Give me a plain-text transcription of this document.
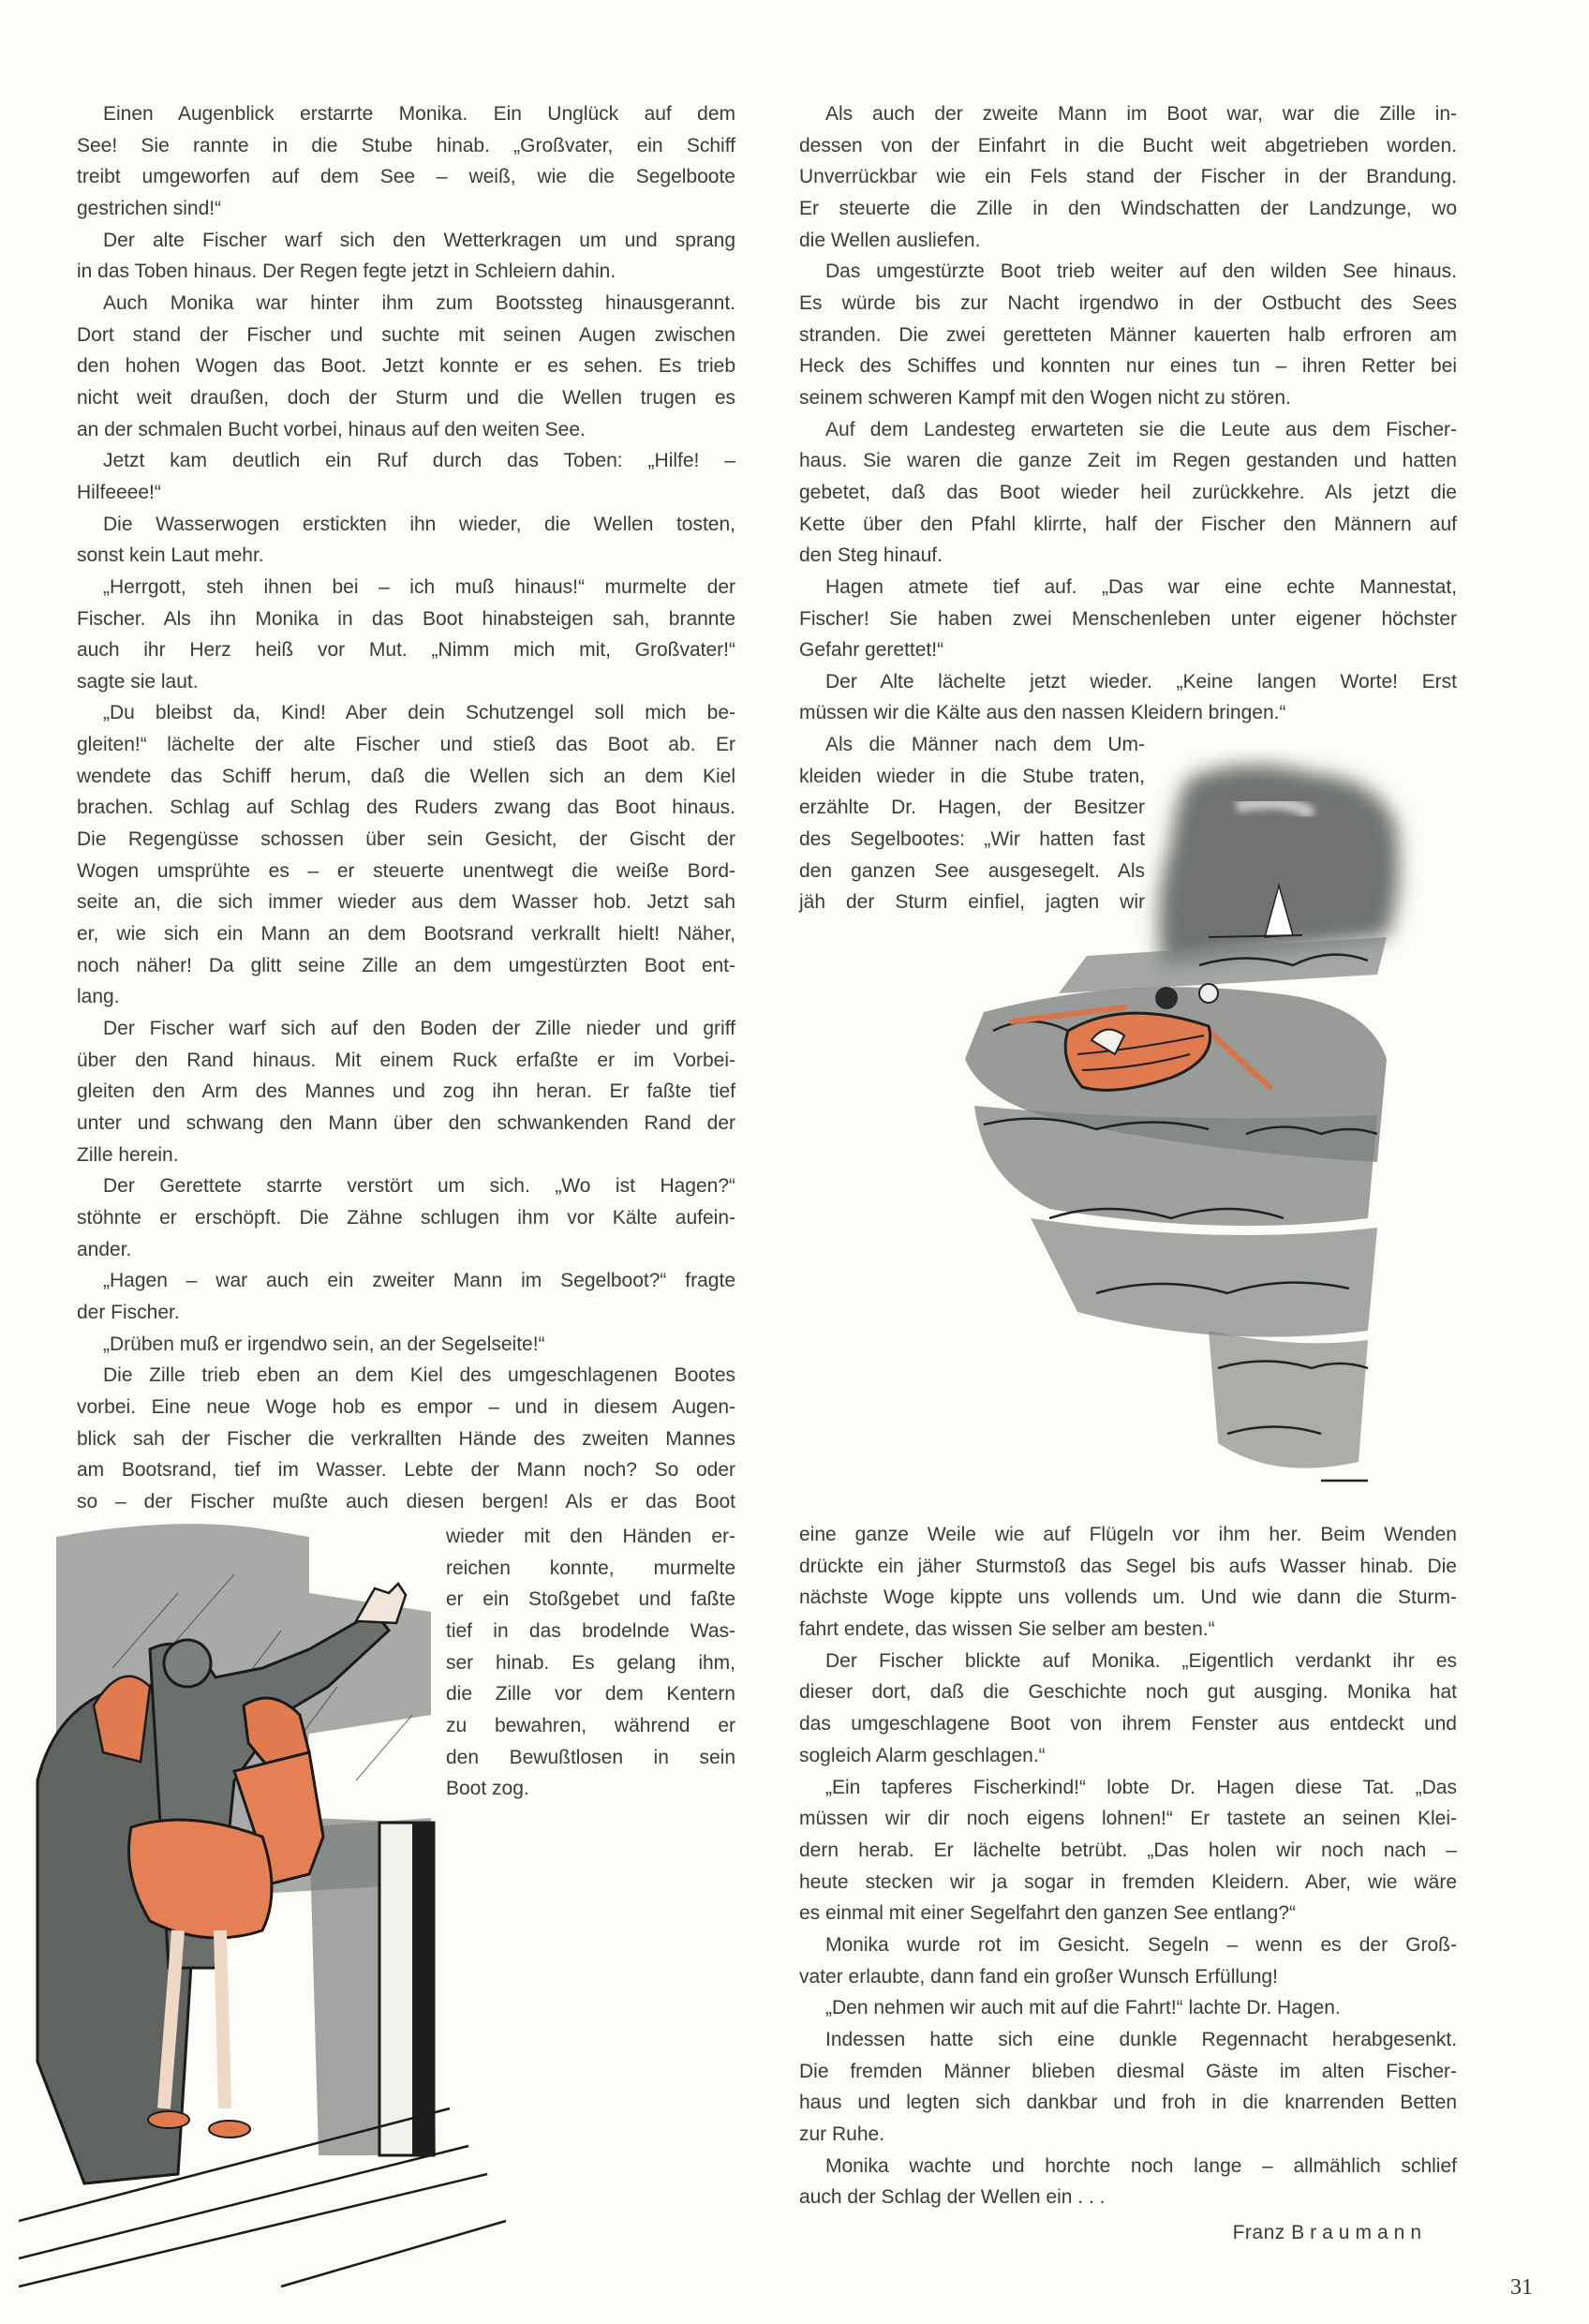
Einen Augenblick erstarrte Monika. Ein Unglück auf dem
See! Sie rannte in die Stube hinab. „Großvater, ein Schiff
treibt umgeworfen auf dem See – weiß, wie die Segelboote
gestrichen sind!“
Der alte Fischer warf sich den Wetterkragen um und sprang
in das Toben hinaus. Der Regen fegte jetzt in Schleiern dahin.
Auch Monika war hinter ihm zum Bootssteg hinausgerannt.
Dort stand der Fischer und suchte mit seinen Augen zwischen
den hohen Wogen das Boot. Jetzt konnte er es sehen. Es trieb
nicht weit draußen, doch der Sturm und die Wellen trugen es
an der schmalen Bucht vorbei, hinaus auf den weiten See.
Jetzt kam deutlich ein Ruf durch das Toben: „Hilfe! –
Hilfeeee!“
Die Wasserwogen erstickten ihn wieder, die Wellen tosten,
sonst kein Laut mehr.
„Herrgott, steh ihnen bei – ich muß hinaus!“ murmelte der
Fischer. Als ihn Monika in das Boot hinabsteigen sah, brannte
auch ihr Herz heiß vor Mut. „Nimm mich mit, Großvater!“
sagte sie laut.
„Du bleibst da, Kind! Aber dein Schutzengel soll mich be-
gleiten!“ lächelte der alte Fischer und stieß das Boot ab. Er
wendete das Schiff herum, daß die Wellen sich an dem Kiel
brachen. Schlag auf Schlag des Ruders zwang das Boot hinaus.
Die Regengüsse schossen über sein Gesicht, der Gischt der
Wogen umsprühte es – er steuerte unentwegt die weiße Bord-
seite an, die sich immer wieder aus dem Wasser hob. Jetzt sah
er, wie sich ein Mann an dem Bootsrand verkrallt hielt! Näher,
noch näher! Da glitt seine Zille an dem umgestürzten Boot ent-
lang.
Der Fischer warf sich auf den Boden der Zille nieder und griff
über den Rand hinaus. Mit einem Ruck erfaßte er im Vorbei-
gleiten den Arm des Mannes und zog ihn heran. Er faßte tief
unter und schwang den Mann über den schwankenden Rand der
Zille herein.
Der Gerettete starrte verstört um sich. „Wo ist Hagen?“
stöhnte er erschöpft. Die Zähne schlugen ihm vor Kälte aufein-
ander.
„Hagen – war auch ein zweiter Mann im Segelboot?“ fragte
der Fischer.
„Drüben muß er irgendwo sein, an der Segelseite!“
Die Zille trieb eben an dem Kiel des umgeschlagenen Bootes
vorbei. Eine neue Woge hob es empor – und in diesem Augen-
blick sah der Fischer die verkrallten Hände des zweiten Mannes
am Bootsrand, tief im Wasser. Lebte der Mann noch? So oder
so – der Fischer mußte auch diesen bergen! Als er das Boot
wieder mit den Händen er-
reichen konnte, murmelte
er ein Stoßgebet und faßte
tief in das brodelnde Was-
ser hinab. Es gelang ihm,
die Zille vor dem Kentern
zu bewahren, während er
den Bewußtlosen in sein
Boot zog.
Als auch der zweite Mann im Boot war, war die Zille in-
dessen von der Einfahrt in die Bucht weit abgetrieben worden.
Unverrückbar wie ein Fels stand der Fischer in der Brandung.
Er steuerte die Zille in den Windschatten der Landzunge, wo
die Wellen ausliefen.
Das umgestürzte Boot trieb weiter auf den wilden See hinaus.
Es würde bis zur Nacht irgendwo in der Ostbucht des Sees
stranden. Die zwei geretteten Männer kauerten halb erfroren am
Heck des Schiffes und konnten nur eines tun – ihren Retter bei
seinem schweren Kampf mit den Wogen nicht zu stören.
Auf dem Landesteg erwarteten sie die Leute aus dem Fischer-
haus. Sie waren die ganze Zeit im Regen gestanden und hatten
gebetet, daß das Boot wieder heil zurückkehre. Als jetzt die
Kette über den Pfahl klirrte, half der Fischer den Männern auf
den Steg hinauf.
Hagen atmete tief auf. „Das war eine echte Mannestat,
Fischer! Sie haben zwei Menschenleben unter eigener höchster
Gefahr gerettet!“
Der Alte lächelte jetzt wieder. „Keine langen Worte! Erst
müssen wir die Kälte aus den nassen Kleidern bringen.“
Als die Männer nach dem Um-
kleiden wieder in die Stube traten,
erzählte Dr. Hagen, der Besitzer
des Segelbootes: „Wir hatten fast
den ganzen See ausgesegelt. Als
jäh der Sturm einfiel, jagten wir
eine ganze Weile wie auf Flügeln vor ihm her. Beim Wenden
drückte ein jäher Sturmstoß das Segel bis aufs Wasser hinab. Die
nächste Woge kippte uns vollends um. Und wie dann die Sturm-
fahrt endete, das wissen Sie selber am besten.“
Der Fischer blickte auf Monika. „Eigentlich verdankt ihr es
dieser dort, daß die Geschichte noch gut ausging. Monika hat
das umgeschlagene Boot von ihrem Fenster aus entdeckt und
sogleich Alarm geschlagen.“
„Ein tapferes Fischerkind!“ lobte Dr. Hagen diese Tat. „Das
müssen wir dir noch eigens lohnen!“ Er tastete an seinen Klei-
dern herab. Er lächelte betrübt. „Das holen wir noch nach –
heute stecken wir ja sogar in fremden Kleidern. Aber, wie wäre
es einmal mit einer Segelfahrt den ganzen See entlang?“
Monika wurde rot im Gesicht. Segeln – wenn es der Groß-
vater erlaubte, dann fand ein großer Wunsch Erfüllung!
„Den nehmen wir auch mit auf die Fahrt!“ lachte Dr. Hagen.
Indessen hatte sich eine dunkle Regennacht herabgesenkt.
Die fremden Männer blieben diesmal Gäste im alten Fischer-
haus und legten sich dankbar und froh in die knarrenden Betten
zur Ruhe.
Monika wachte und horchte noch lange – allmählich schlief
auch der Schlag der Wellen ein . . .
Franz Braumann
31
